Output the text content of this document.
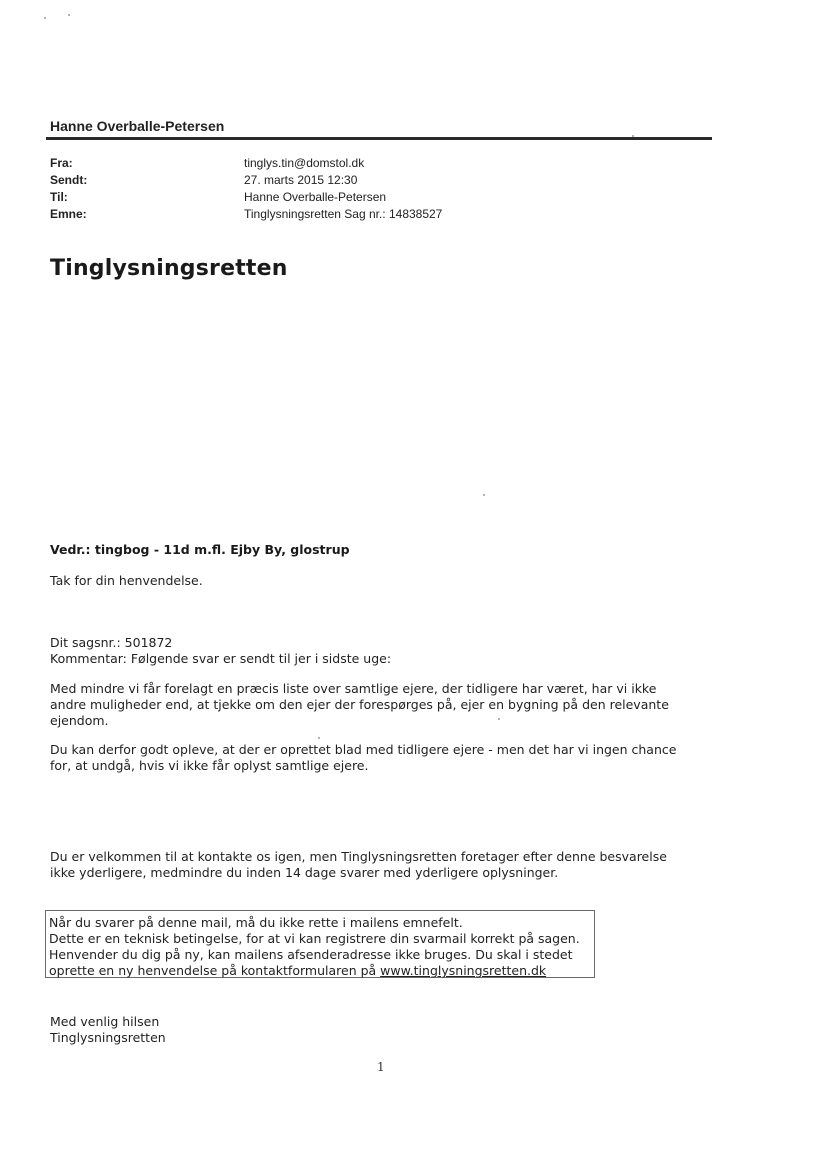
Hanne Overballe-Petersen
Fra:	tinglys.tin@domstol.dk
Sendt:	27. marts 2015 12:30
Til:	Hanne Overballe-Petersen
Emne:	Tinglysningsretten Sag nr.: 14838527
Tinglysningsretten
Vedr.: tingbog - 11d m.fl. Ejby By, glostrup
Tak for din henvendelse.
Dit sagsnr.: 501872
Kommentar: Følgende svar er sendt til jer i sidste uge:
Med mindre vi får forelagt en præcis liste over samtlige ejere, der tidligere har været, har vi ikke
andre muligheder end, at tjekke om den ejer der forespørges på, ejer en bygning på den relevante
ejendom.
Du kan derfor godt opleve, at der er oprettet blad med tidligere ejere - men det har vi ingen chance
for, at undgå, hvis vi ikke får oplyst samtlige ejere.
Du er velkommen til at kontakte os igen, men Tinglysningsretten foretager efter denne besvarelse
ikke yderligere, medmindre du inden 14 dage svarer med yderligere oplysninger.
Når du svarer på denne mail, må du ikke rette i mailens emnefelt.
Dette er en teknisk betingelse, for at vi kan registrere din svarmail korrekt på sagen.
Henvender du dig på ny, kan mailens afsenderadresse ikke bruges. Du skal i stedet
oprette en ny henvendelse på kontaktformularen på www.tinglysningsretten.dk
Med venlig hilsen
Tinglysningsretten
1
